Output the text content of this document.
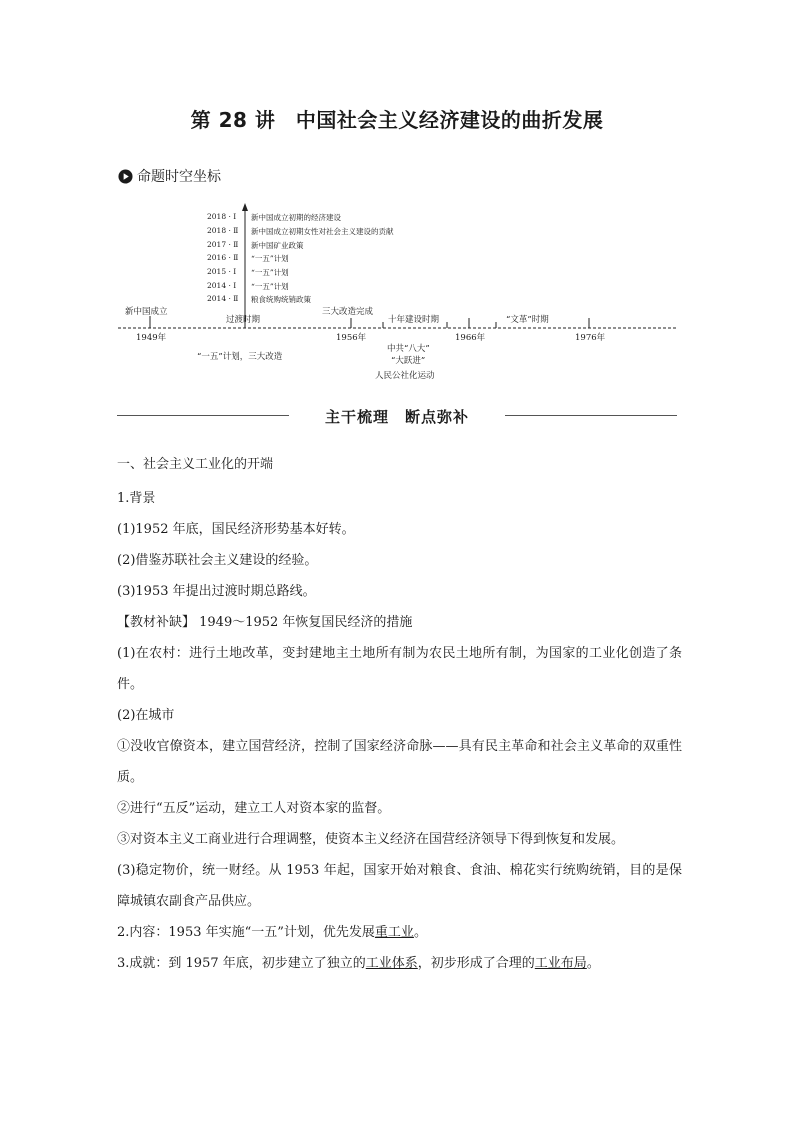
第 28 讲　中国社会主义经济建设的曲折发展
命题时空坐标
2018 · Ⅰ 新中国成立初期的经济建设
2018 · Ⅱ 新中国成立初期女性对社会主义建设的贡献
2017 · Ⅱ 新中国矿业政策
2016 · Ⅱ “一五”计划
2015 · Ⅰ “一五”计划
2014 · Ⅰ “一五”计划
2014 · Ⅱ 粮食统购统销政策
新中国成立
过渡时期
三大改造完成
十年建设时期	“文革”时期
1949年	1956年	1966年	1976年
“一五”计划，三大改造
中共“八大”
“大跃进”
人民公社化运动
主干梳理　断点弥补

一、社会主义工业化的开端

1.背景

(1)1952 年底，国民经济形势基本好转。

(2)借鉴苏联社会主义建设的经验。

(3)1953 年提出过渡时期总路线。

【教材补缺】 1949～1952 年恢复国民经济的措施

(1)在农村：进行土地改革，变封建地主土地所有制为农民土地所有制，为国家的工业化创造了条件。

(2)在城市

①没收官僚资本，建立国营经济，控制了国家经济命脉——具有民主革命和社会主义革命的双重性质。

②进行“五反”运动，建立工人对资本家的监督。

③对资本主义工商业进行合理调整，使资本主义经济在国营经济领导下得到恢复和发展。

(3)稳定物价，统一财经。从 1953 年起，国家开始对粮食、食油、棉花实行统购统销，目的是保障城镇农副食产品供应。

2.内容：1953 年实施“一五”计划，优先发展重工业。

3.成就：到 1957 年底，初步建立了独立的工业体系，初步形成了合理的工业布局。
